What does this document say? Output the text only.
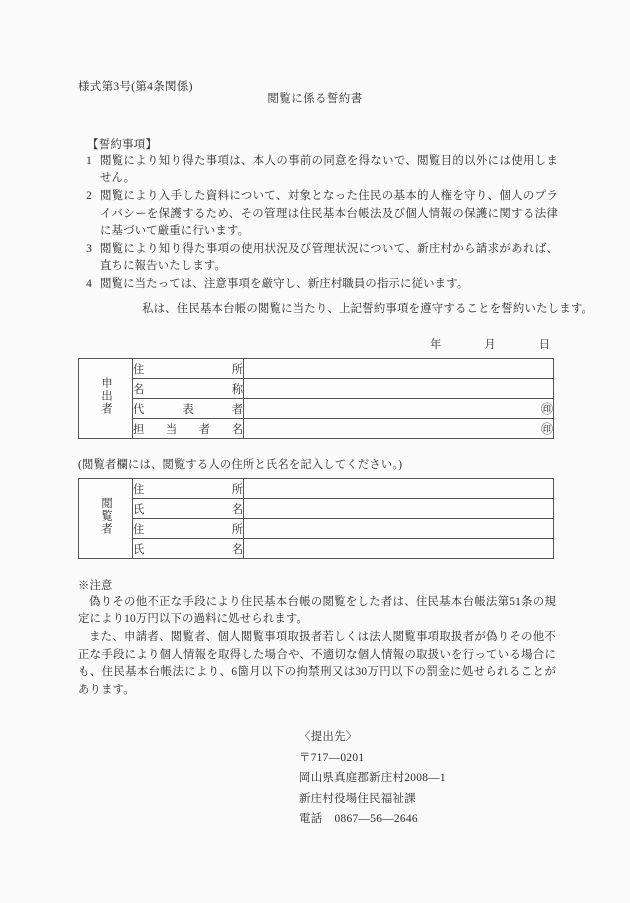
様式第3号(第4条関係)
閲覧に係る誓約書
【誓約事項】
1 閲覧により知り得た事項は、本人の事前の同意を得ないで、閲覧目的以外には使用しません。
2 閲覧により入手した資料について、対象となった住民の基本的人権を守り、個人のプライバシーを保護するため、その管理は住民基本台帳法及び個人情報の保護に関する法律に基づいて厳重に行います。
3 閲覧により知り得た事項の使用状況及び管理状況について、新庄村から請求があれば、直ちに報告いたします。
4 閲覧に当たっては、注意事項を厳守し、新庄村職員の指示に従います。
私は、住民基本台帳の閲覧に当たり、上記誓約事項を遵守することを誓約いたします。
年	月	日
申出者	住所	

	名称	

	代表者	㊞

	担当者名	㊞
(閲覧者欄には、閲覧する人の住所と氏名を記入してください。)
閲覧者	住所	

	氏名	

	住所	

	氏名	

※注意

偽りその他不正な手段により住民基本台帳の閲覧をした者は、住民基本台帳法第51条の規定により10万円以下の過料に処せられます。

また、申請者、閲覧者、個人閲覧事項取扱者若しくは法人閲覧事項取扱者が偽りその他不正な手段により個人情報を取得した場合や、不適切な個人情報の取扱いを行っている場合にも、住民基本台帳法により、6箇月以下の拘禁刑又は30万円以下の罰金に処せられることがあります。

〈提出先〉
〒717—0201
岡山県真庭郡新庄村2008—1
新庄村役場住民福祉課
電話 0867—56—2646
